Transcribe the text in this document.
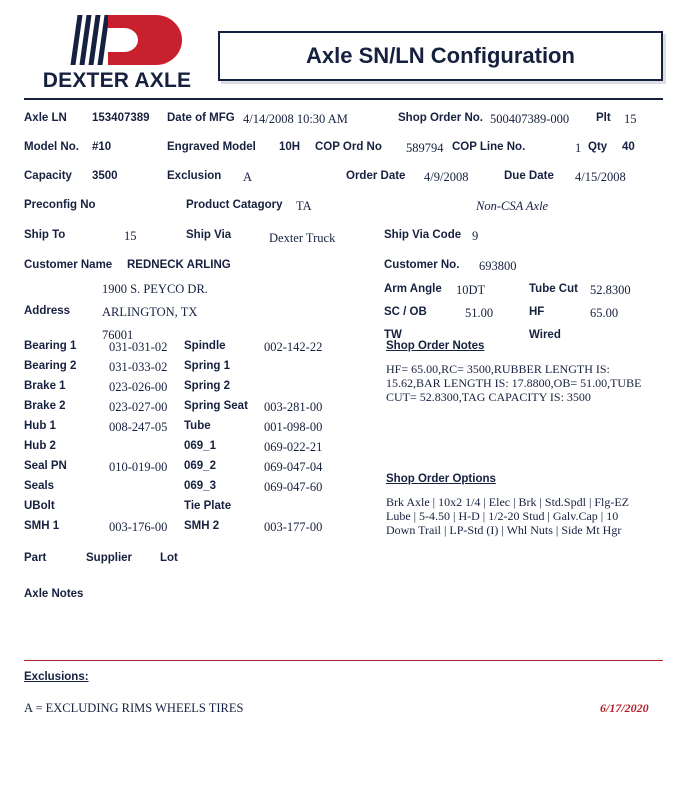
DEXTER AXLE
Axle SN/LN Configuration
Axle LN 153407389 Date of MFG 4/14/2008 10:30 AM	Shop Order No. 500407389-000 Plt 15
Model No. #10	Engraved Model 10H COP Ord No 589794 COP Line No.	1 Qty 40
Capacity 3500	Exclusion A	Order Date 4/9/2008	Due Date 4/15/2008
Preconfig No	Product Catagory TA	Non-CSA Axle
Ship To	15	Ship Via	Dexter Truck	Ship Via Code 9
Customer Name REDNECK ARLING	Customer No. 693800
1900 S. PEYCO DR.
Address	ARLINGTON, TX
76001
Arm Angle 10DT	Tube Cut 52.8300
SC / OB	51.00	HF	65.00
TW	Wired
Bearing 1	031-031-02
Bearing 2	031-033-02
Brake 1	023-026-00
Brake 2	023-027-00
Hub 1	008-247-05
Hub 2
Seal PN	010-019-00
Seals
UBolt
SMH 1	003-176-00
Spindle	002-142-22
Spring 1
Spring 2
Spring Seat 003-281-00
Tube	001-098-00
069_1	069-022-21
069_2	069-047-04
069_3	069-047-60
Tie Plate
SMH 2	003-177-00
Part	Supplier Lot
Shop Order Notes
HF= 65.00,RC= 3500,RUBBER LENGTH IS: 15.62,BAR LENGTH IS: 17.8800,OB= 51.00,TUBE CUT= 52.8300,TAG CAPACITY IS: 3500
Shop Order Options
Brk Axle | 10x2 1/4 | Elec | Brk | Std.Spdl | Flg-EZ Lube | 5-4.50 | H-D | 1/2-20 Stud | Galv.Cap | 10 Down Trail | LP-Std (I) | Whl Nuts | Side Mt Hgr
Axle Notes
Exclusions:
A = EXCLUDING RIMS WHEELS TIRES	6/17/2020
